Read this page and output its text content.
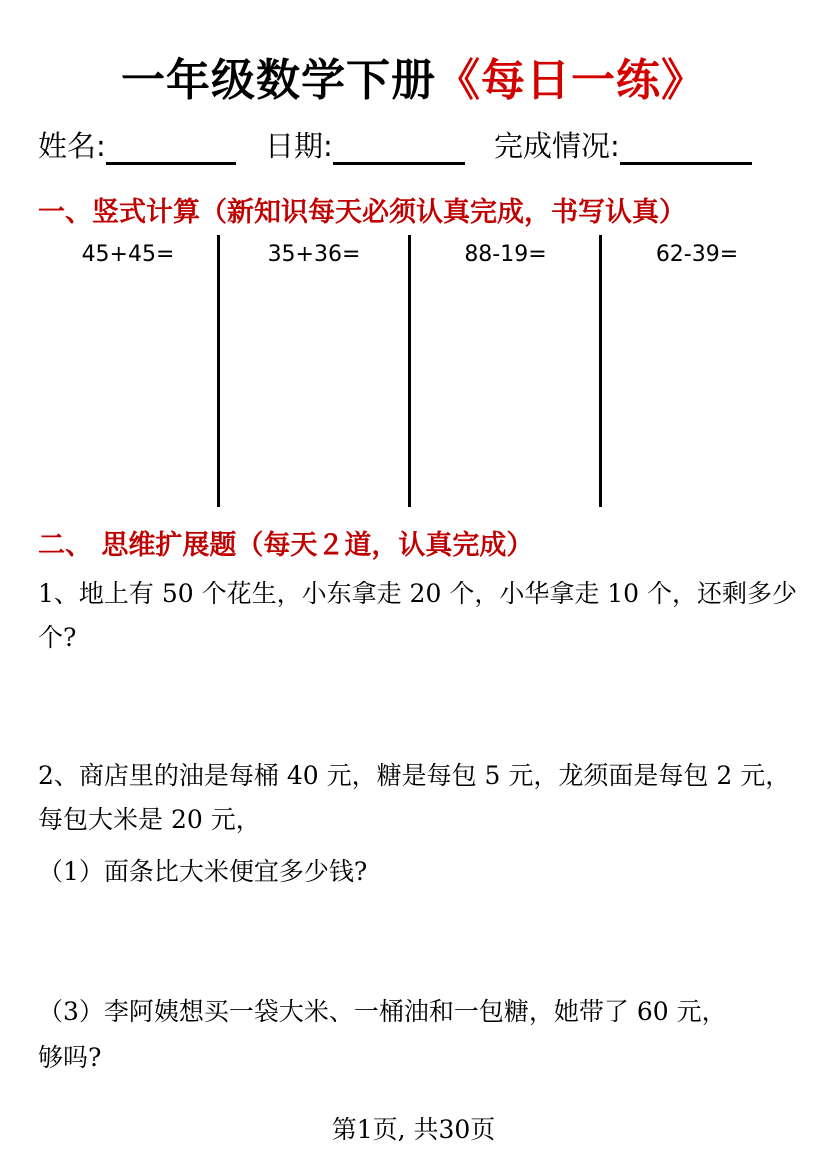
一年级数学下册《每日一练》
姓名:	日期:	完成情况:
一、竖式计算（新知识每天必须认真完成，书写认真）
45+45=	35+36=	88-19=	62-39=
二、 思维扩展题（每天２道，认真完成）
1、地上有 50 个花生，小东拿走 20 个，小华拿走 10 个，还剩多少个?
2、商店里的油是每桶 40 元，糖是每包 5 元，龙须面是每包 2 元，每包大米是 20 元，
（1）面条比大米便宜多少钱?
（3）李阿姨想买一袋大米、一桶油和一包糖，她带了 60 元，
够吗?
第1页, 共30页
